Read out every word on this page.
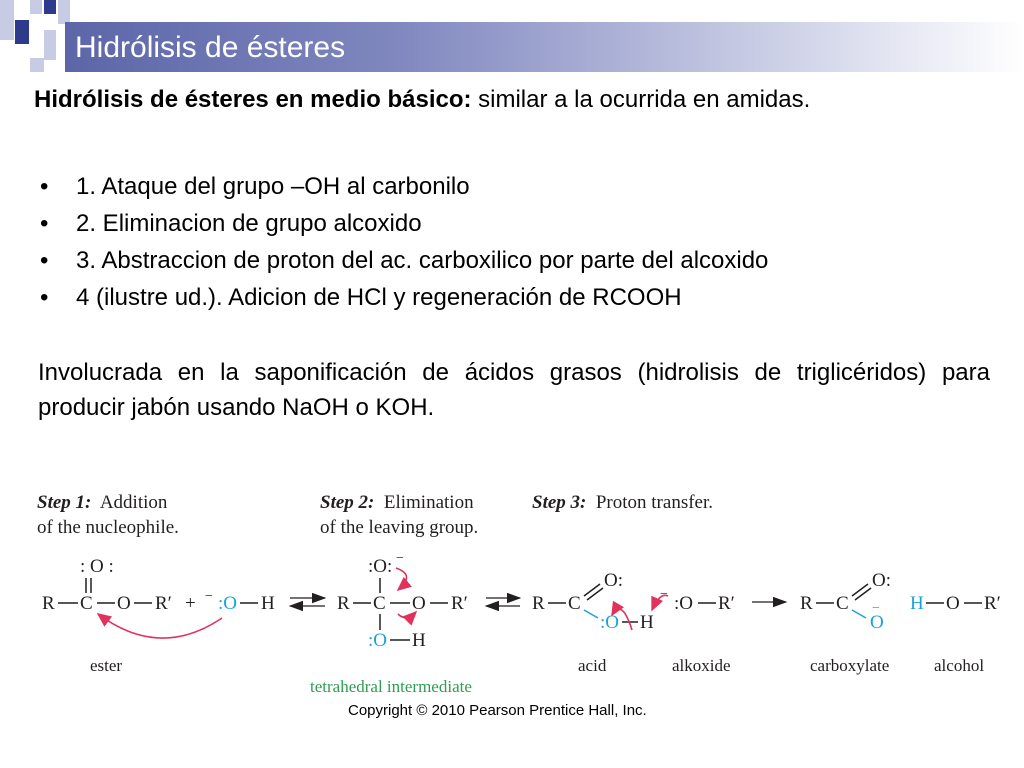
Hidrólisis de ésteres
Hidrólisis de ésteres en medio básico: similar a la ocurrida en amidas.
• 1. Ataque del grupo –OH al carbonilo
• 2. Eliminacion de grupo alcoxido
• 3. Abstraccion de proton del ac. carboxilico por parte del alcoxido
• 4 (ilustre ud.). Adicion de HCl y regeneración de RCOOH
Involucrada en la saponificación de ácidos grasos (hidrolisis de triglicéridos) para producir jabón usando NaOH o KOH.
Step 1: Addition
of the nucleophile.
Step 2: Elimination
of the leaving group.
Step 3: Proton transfer.
: O :
R C O R′ + − :O H
:O: −
R C O R′
:O H
R C
O:
:O H
− :O R′	R C
O:
O
− H O R′
ester
tetrahedral intermediate
acid	alkoxide	carboxylate	alcohol
Copyright © 2010 Pearson Prentice Hall, Inc.
